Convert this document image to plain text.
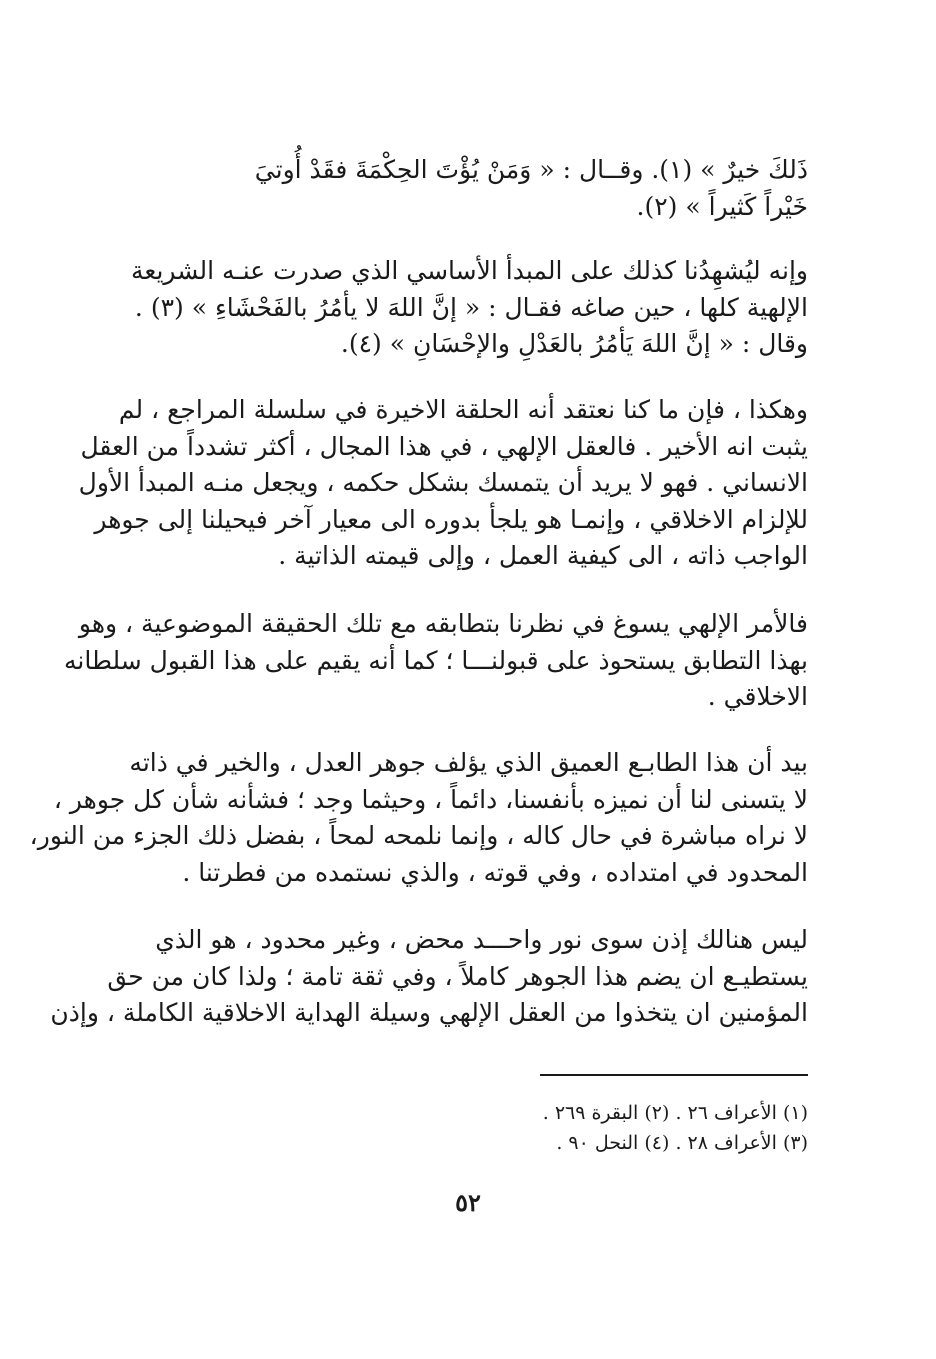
ذَلكَ خيرٌ » (١). وقــال : « وَمَنْ يُؤْتَ الحِكْمَةَ فقَدْ أُوتيَ
خَيْراً كَثيراً » (٢).
وإنه ليُشهِدُنا كذلك على المبدأ الأساسي الذي صدرت عنـه الشريعة
الإلهية كلها ، حين صاغه فقـال : « إنَّ اللهَ لا يأمُرُ بالفَحْشَاءِ » (٣) .
وقال : « إنَّ اللهَ يَأمُرُ بالعَدْلِ والإحْسَانِ » (٤).
وهكذا ، فإن ما كنا نعتقد أنه الحلقة الاخيرة في سلسلة المراجع ، لم
يثبت انه الأخير . فالعقل الإلهي ، في هذا المجال ، أكثر تشدداً من العقل
الانساني . فهو لا يريد أن يتمسك بشكل حكمه ، ويجعل منـه المبدأ الأول
للإلزام الاخلاقي ، وإنمـا هو يلجأ بدوره الى معيار آخر فيحيلنا إلى جوهر
الواجب ذاته ، الى كيفية العمل ، وإلى قيمته الذاتية .
فالأمر الإلهي يسوغ في نظرنا بتطابقه مع تلك الحقيقة الموضوعية ، وهو
بهذا التطابق يستحوذ على قبولنـــا ؛ كما أنه يقيم على هذا القبول سلطانه
الاخلاقي .
بيد أن هذا الطابـع العميق الذي يؤلف جوهر العدل ، والخير في ذاته
لا يتسنى لنا أن نميزه بأنفسنا، دائماً ، وحيثما وجد ؛ فشأنه شأن كل جوهر ،
لا نراه مباشرة في حال كاله ، وإنما نلمحه لمحاً ، بفضل ذلك الجزء من النور،
المحدود في امتداده ، وفي قوته ، والذي نستمده من فطرتنا .
ليس هنالك إذن سوى نور واحـــد محض ، وغير محدود ، هو الذي
يستطيـع ان يضم هذا الجوهر كاملاً ، وفي ثقة تامة ؛ ولذا كان من حق
المؤمنين ان يتخذوا من العقل الإلهي وسيلة الهداية الاخلاقية الكاملة ، وإذن
(١) الأعراف ٢٦ . (٢) البقرة ٢٦٩ .
(٣) الأعراف ٢٨ . (٤) النحل ٩٠ .
٥٢
